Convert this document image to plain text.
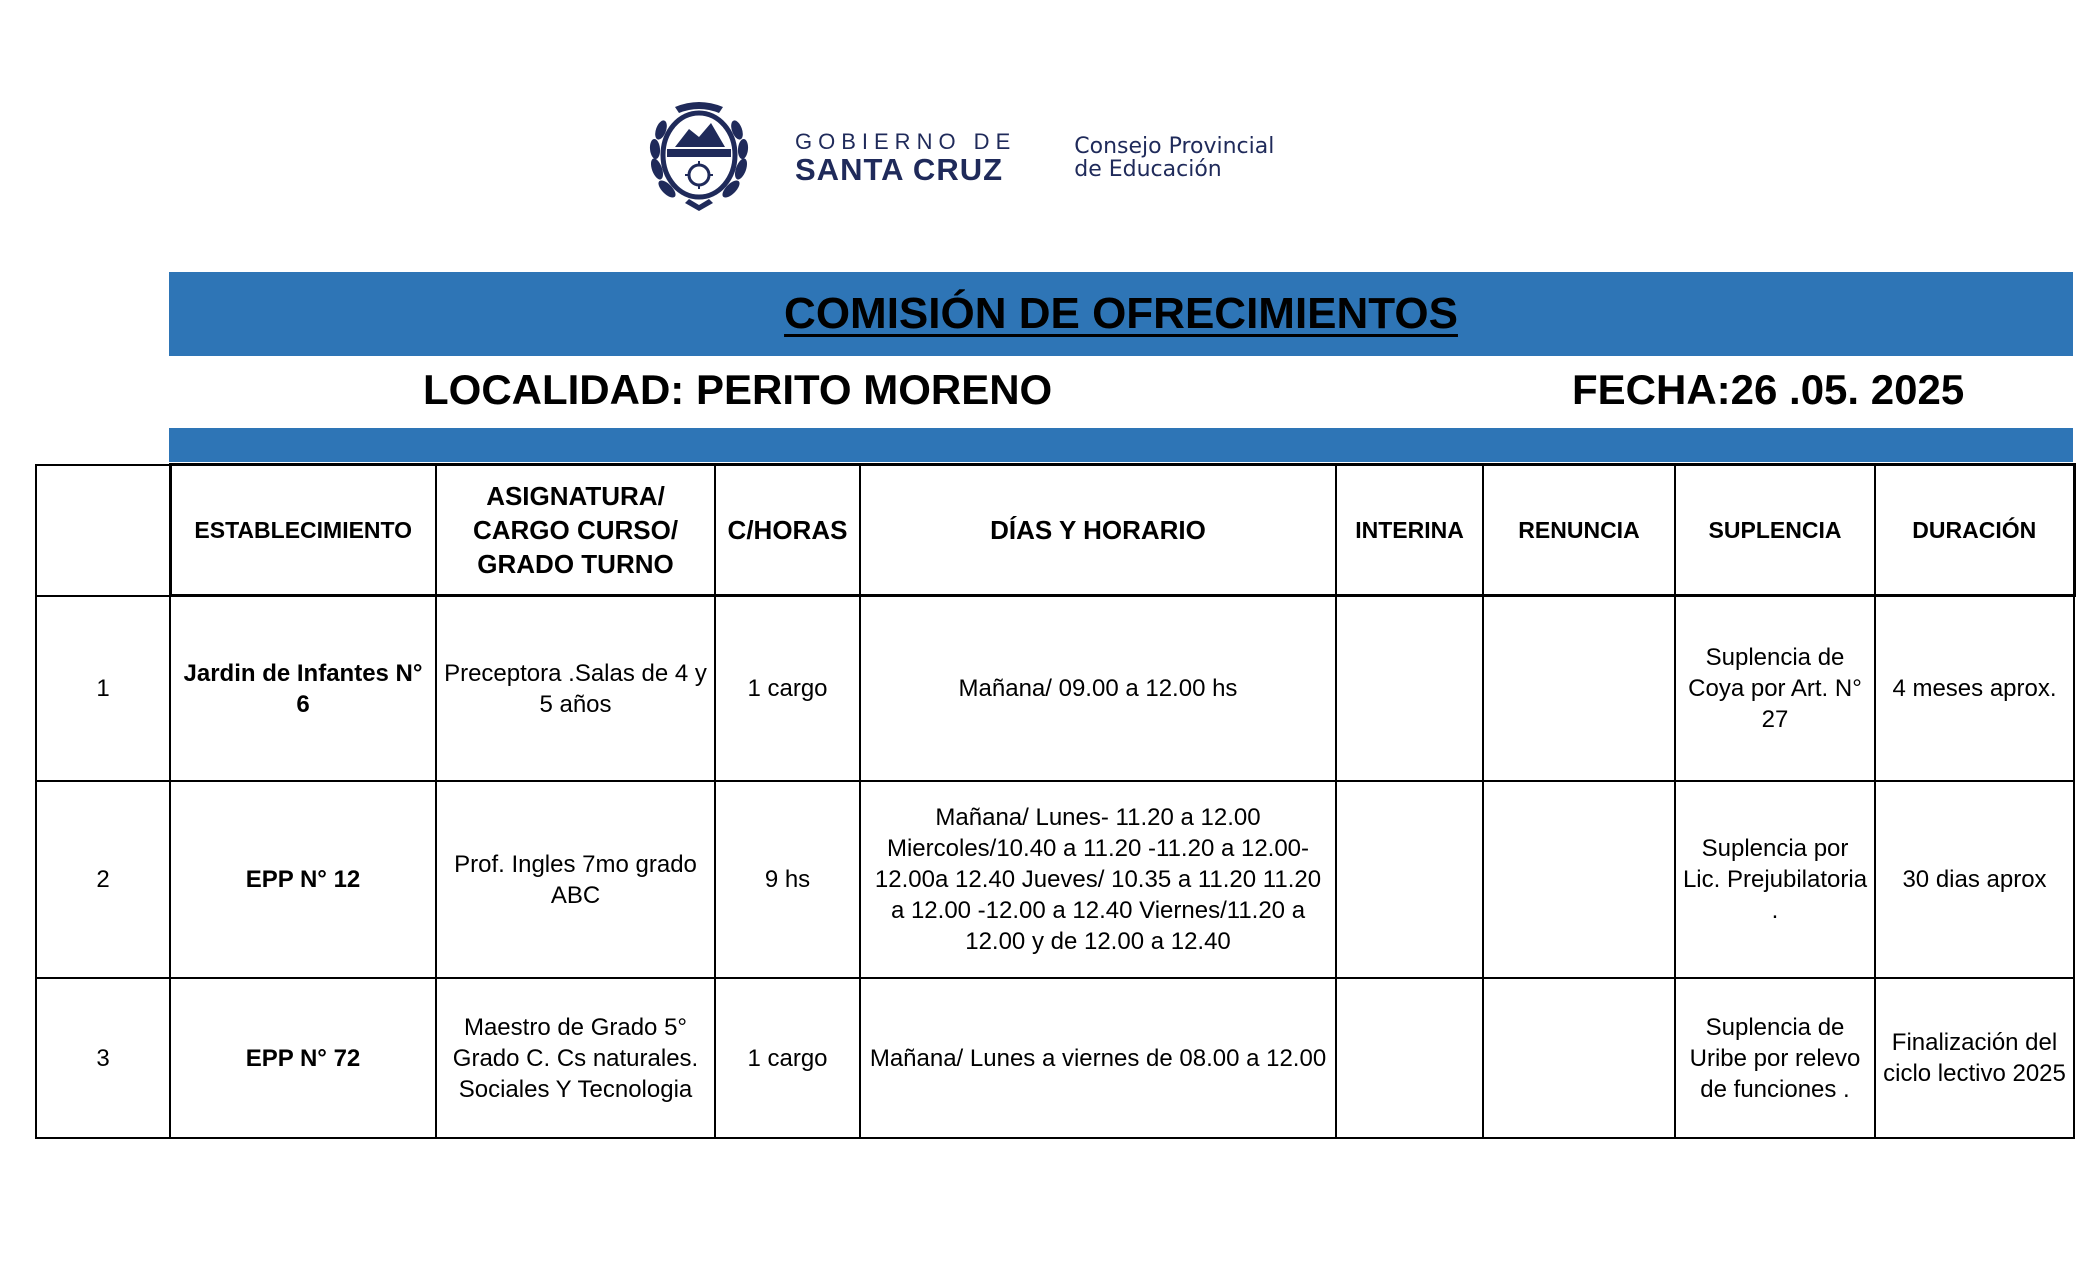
GOBIERNO DE
SANTA CRUZ
Consejo Provincial
de Educación
COMISIÓN DE OFRECIMIENTOS
LOCALIDAD: PERITO MORENO	FECHA:26 .05. 2025
	ESTABLECIMIENTO	ASIGNATURA/ CARGO CURSO/ GRADO TURNO	C/HORAS	DÍAS Y HORARIO	INTERINA	RENUNCIA	SUPLENCIA	DURACIÓN
1	Jardin de Infantes N° 6	Preceptora .Salas de 4 y 5 años	1 cargo	Mañana/ 09.00 a 12.00 hs			Suplencia de Coya por Art. N° 27	4 meses aprox.
2	EPP N° 12	Prof. Ingles 7mo grado ABC	9 hs	Mañana/ Lunes- 11.20 a 12.00 Miercoles/10.40 a 11.20 -11.20 a 12.00-12.00a 12.40 Jueves/ 10.35 a 11.20 11.20 a 12.00 -12.00 a 12.40 Viernes/11.20 a 12.00 y de 12.00 a 12.40			Suplencia por Lic. Prejubilatoria .	30 dias aprox
3	EPP N° 72	Maestro de Grado 5° Grado C. Cs naturales. Sociales Y Tecnologia	1 cargo	Mañana/ Lunes a viernes de 08.00 a 12.00			Suplencia de Uribe por relevo de funciones .	Finalización del ciclo lectivo 2025
